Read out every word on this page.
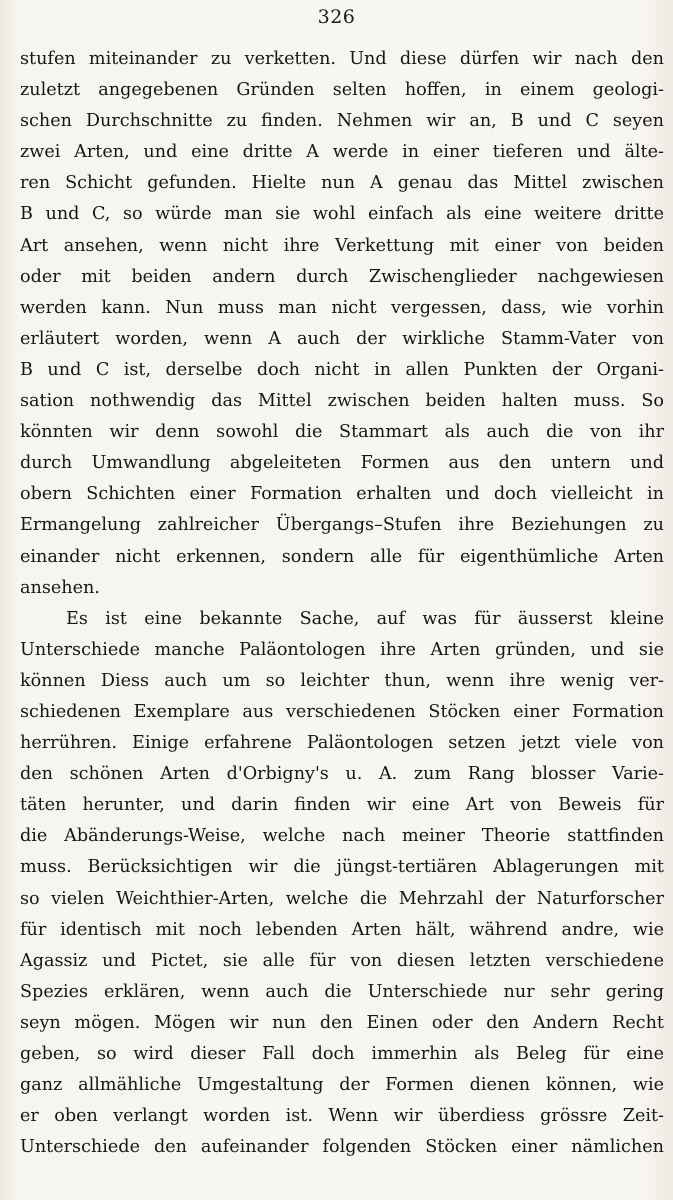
326
stufen miteinander zu verketten. Und diese dürfen wir nach den
zuletzt angegebenen Gründen selten hoffen, in einem geologi-
schen Durchschnitte zu finden. Nehmen wir an, B und C seyen
zwei Arten, und eine dritte A werde in einer tieferen und älte-
ren Schicht gefunden. Hielte nun A genau das Mittel zwischen
B und C, so würde man sie wohl einfach als eine weitere dritte
Art ansehen, wenn nicht ihre Verkettung mit einer von beiden
oder mit beiden andern durch Zwischenglieder nachgewiesen
werden kann. Nun muss man nicht vergessen, dass, wie vorhin
erläutert worden, wenn A auch der wirkliche Stamm-Vater von
B und C ist, derselbe doch nicht in allen Punkten der Organi-
sation nothwendig das Mittel zwischen beiden halten muss. So
könnten wir denn sowohl die Stammart als auch die von ihr
durch Umwandlung abgeleiteten Formen aus den untern und
obern Schichten einer Formation erhalten und doch vielleicht in
Ermangelung zahlreicher Übergangs–Stufen ihre Beziehungen zu
einander nicht erkennen, sondern alle für eigenthümliche Arten
ansehen.
Es ist eine bekannte Sache, auf was für äusserst kleine
Unterschiede manche Paläontologen ihre Arten gründen, und sie
können Diess auch um so leichter thun, wenn ihre wenig ver-
schiedenen Exemplare aus verschiedenen Stöcken einer Formation
herrühren. Einige erfahrene Paläontologen setzen jetzt viele von
den schönen Arten d'Orbigny's u. A. zum Rang blosser Varie-
täten herunter, und darin finden wir eine Art von Beweis für
die Abänderungs-Weise, welche nach meiner Theorie stattfinden
muss. Berücksichtigen wir die jüngst-tertiären Ablagerungen mit
so vielen Weichthier-Arten, welche die Mehrzahl der Naturforscher
für identisch mit noch lebenden Arten hält, während andre, wie
Agassiz und Pictet, sie alle für von diesen letzten verschiedene
Spezies erklären, wenn auch die Unterschiede nur sehr gering
seyn mögen. Mögen wir nun den Einen oder den Andern Recht
geben, so wird dieser Fall doch immerhin als Beleg für eine
ganz allmähliche Umgestaltung der Formen dienen können, wie
er oben verlangt worden ist. Wenn wir überdiess grössre Zeit-
Unterschiede den aufeinander folgenden Stöcken einer nämlichen
